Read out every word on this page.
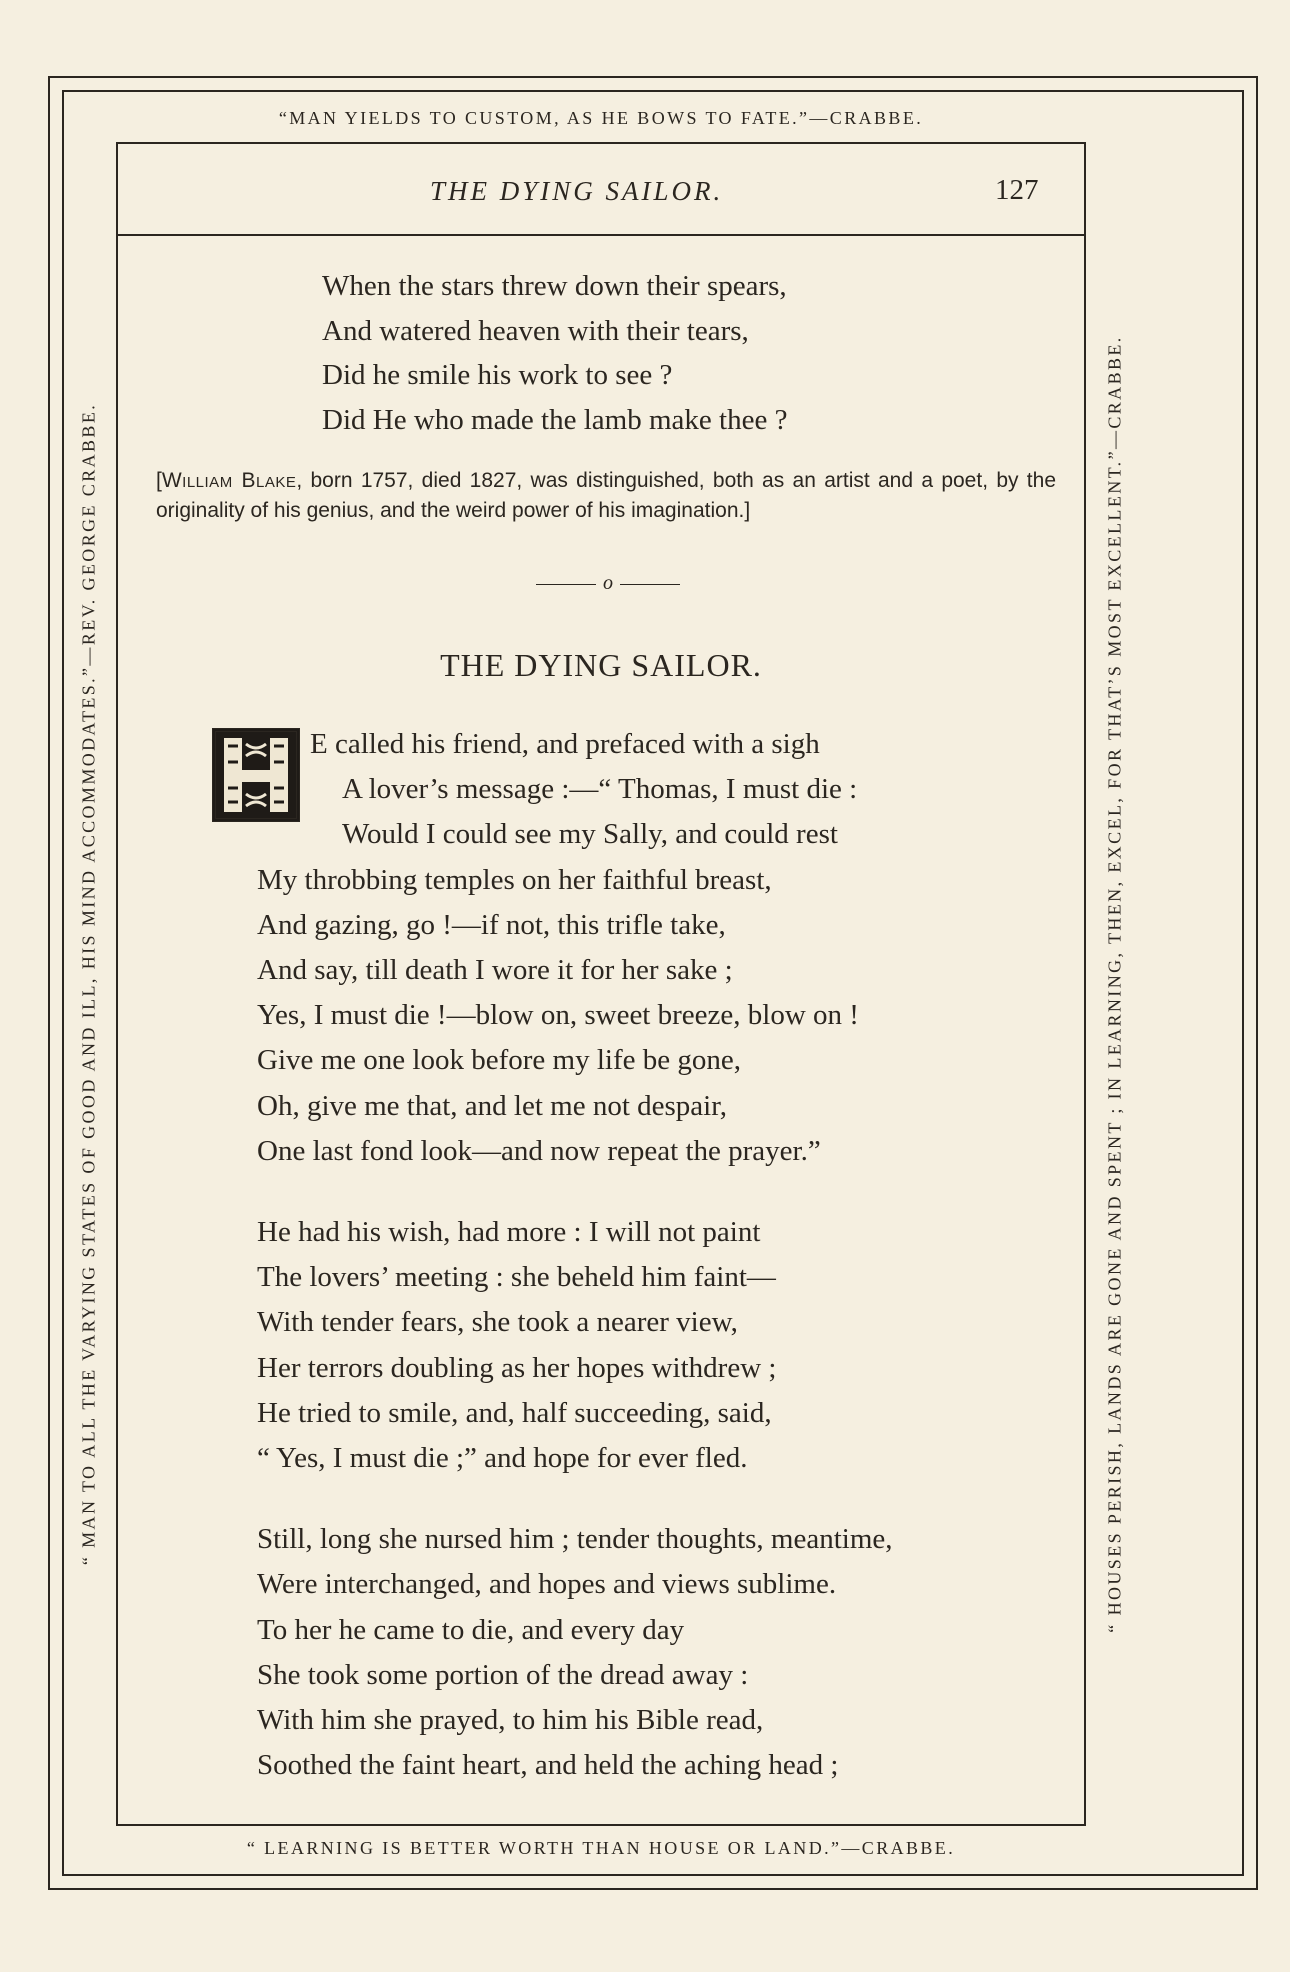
“MAN YIELDS TO CUSTOM, AS HE BOWS TO FATE.”—CRABBE.
“ LEARNING IS BETTER WORTH THAN HOUSE OR LAND.”—CRABBE.
“ MAN TO ALL THE VARYING STATES OF GOOD AND ILL, HIS MIND ACCOMMODATES.”—REV. GEORGE CRABBE.	“ HOUSES PERISH, LANDS ARE GONE AND SPENT ; IN LEARNING, THEN, EXCEL, FOR THAT’S MOST EXCELLENT.”—CRABBE.
THE DYING SAILOR.	127
When the stars threw down their spears,
And watered heaven with their tears,
Did he smile his work to see ?
Did He who made the lamb make thee ?
[William Blake, born 1757, died 1827, was distinguished, both as an artist and a poet, by the originality of his genius, and the weird power of his imagination.]
o
THE DYING SAILOR.
E called his friend, and prefaced with a sigh
A lover’s message :—“ Thomas, I must die :
Would I could see my Sally, and could rest
My throbbing temples on her faithful breast,
And gazing, go !—if not, this trifle take,
And say, till death I wore it for her sake ;
Yes, I must die !—blow on, sweet breeze, blow on !
Give me one look before my life be gone,
Oh, give me that, and let me not despair,
One last fond look—and now repeat the prayer.”
He had his wish, had more : I will not paint
The lovers’ meeting : she beheld him faint—
With tender fears, she took a nearer view,
Her terrors doubling as her hopes withdrew ;
He tried to smile, and, half succeeding, said,
“ Yes, I must die ;” and hope for ever fled.
Still, long she nursed him ; tender thoughts, meantime,
Were interchanged, and hopes and views sublime.
To her he came to die, and every day
She took some portion of the dread away :
With him she prayed, to him his Bible read,
Soothed the faint heart, and held the aching head ;
